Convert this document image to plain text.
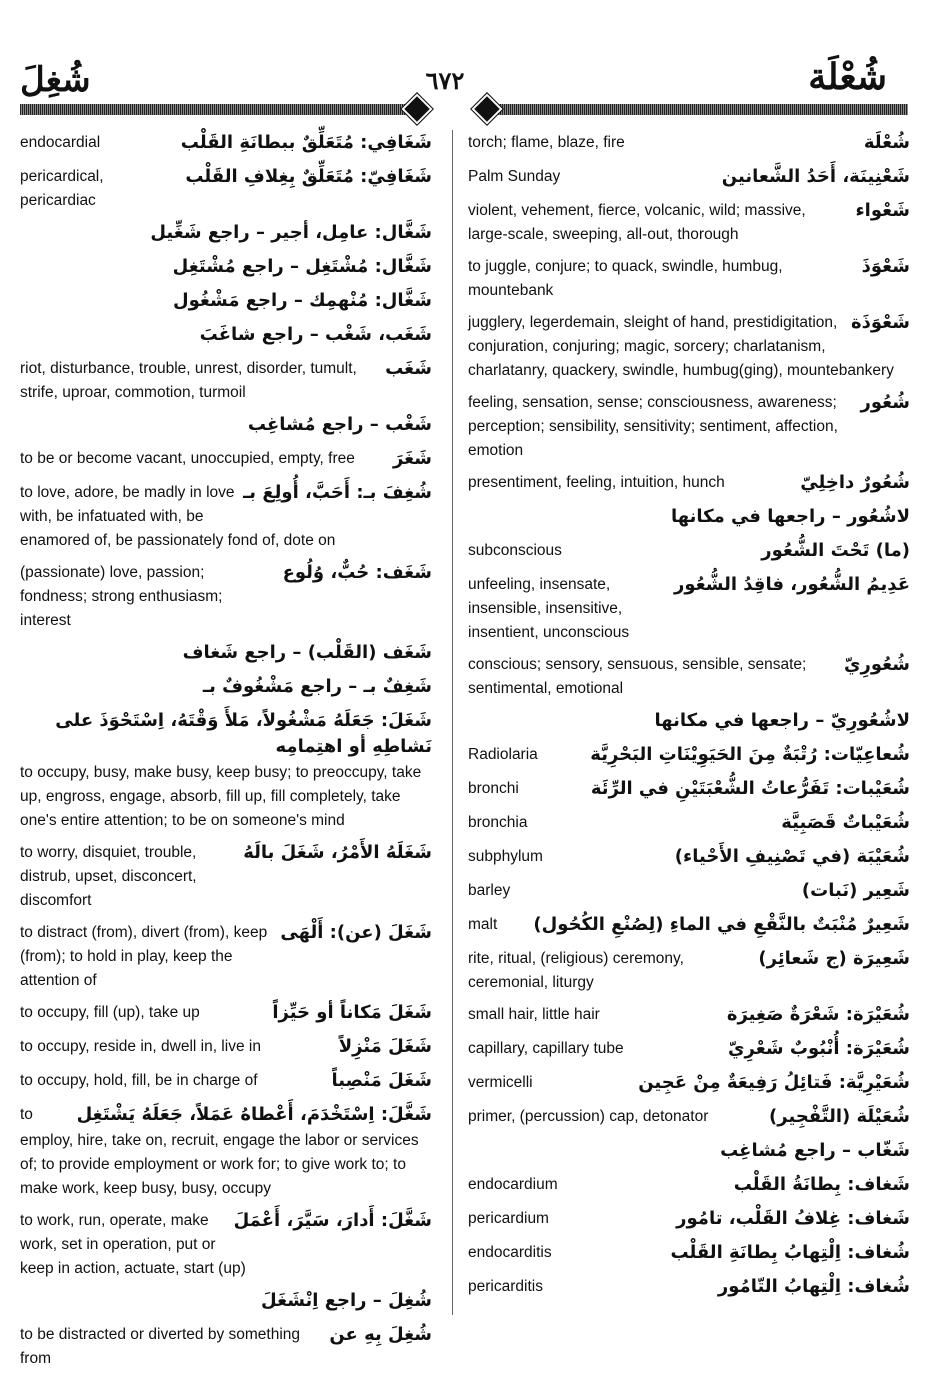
شُغِلَ	٦٧٢	شُعْلَة
شَغَافِي: مُتَعَلِّقٌ ببطانَةِ القَلْب
endocardial
شَغَافِيّ: مُتَعَلِّقٌ بِغِلافِ القَلْب
pericardical, pericardiac
شَغَّال: عامِل، أجير – راجع شَغِّيل
شَغَّال: مُشْتَغِل – راجع مُشْتَغِل
شَغَّال: مُنْهمِك – راجع مَشْغُول
شَغَب، شَغْب – راجع شاغَبَ
شَغَب
riot, disturbance, trouble, unrest, disorder, tumult, strife, uproar, commotion, turmoil
شَغْب – راجع مُشاغِب
شَغَرَ
to be or become vacant, unoccupied, empty, free
شُغِفَ بـ: أَحَبَّ، أُولِعَ بـ
to love, adore, be madly in love with, be infatuated with, be enamored of, be passionately fond of, dote on
شَغَف: حُبٌّ، وُلُوع
(passionate) love, passion; fondness; strong enthusiasm; interest
شَغَف (القَلْب) – راجع شَغاف
شَغِفٌ بـ – راجع مَشْغُوفٌ بـ
شَغَلَ: جَعَلَهُ مَشْغُولاً، مَلأَ وَقْتَهُ، اِسْتَحْوَذَ على نَشاطِهِ أو اهتِمامِه
to occupy, busy, make busy, keep busy; to preoccupy, take up, engross, engage, absorb, fill up, fill completely, take one's entire attention; to be on someone's mind
شَغَلَهُ الأَمْرُ، شَغَلَ بالَهُ
to worry, disquiet, trouble, distrub, upset, disconcert, discomfort
شَغَلَ (عن): أَلْهَى
to distract (from), divert (from), keep (from); to hold in play, keep the attention of
شَغَلَ مَكاناً أو حَيِّزاً
to occupy, fill (up), take up
شَغَلَ مَنْزِلاً
to occupy, reside in, dwell in, live in
شَغَلَ مَنْصِباً
to occupy, hold, fill, be in charge of
شَغَّلَ: اِسْتَخْدَمَ، أَعْطاهُ عَمَلاً، جَعَلَهُ يَشْتَغِل
to employ, hire, take on, recruit, engage the labor or services of; to provide employment or work for; to give work to; to make work, keep busy, busy, occupy
شَغَّلَ: أَدارَ، سَيَّرَ، أَعْمَلَ
to work, run, operate, make work, set in operation, put or keep in action, actuate, start (up)
شُغِلَ – راجع اِنْشَغَلَ
شُغِلَ بِهِ عن
to be distracted or diverted by something from
شُعْلَة
torch; flame, blaze, fire
شَعْنِينَة، أَحَدُ الشَّعانين
Palm Sunday
شَعْواء
violent, vehement, fierce, volcanic, wild; massive, large-scale, sweeping, all-out, thorough
شَعْوَذَ
to juggle, conjure; to quack, swindle, humbug, mountebank
شَعْوَذَة
jugglery, legerdemain, sleight of hand, prestidigitation, conjuration, conjuring; magic, sorcery; charlatanism, charlatanry, quackery, swindle, humbug(ging), mountebankery
شُعُور
feeling, sensation, sense; consciousness, awareness; perception; sensibility, sensitivity; sentiment, affection, emotion
شُعُورٌ داخِلِيّ
presentiment, feeling, intuition, hunch
لاشُعُور – راجعها في مكانها
(ما) تَحْتَ الشُّعُور
subconscious
عَدِيمُ الشُّعُور، فاقِدُ الشُّعُور
unfeeling, insensate, insensible, insensitive, insentient, unconscious
شُعُورِيّ
conscious; sensory, sensuous, sensible, sensate; sentimental, emotional
لاشُعُورِيّ – راجعها في مكانها
شُعاعِيّات: رُتْبَةٌ مِنَ الحَيَوِيْنَاتِ البَحْرِيَّة
Radiolaria
شُعَيْبات: تَفَرُّعاتُ الشُّعْبَتَيْنِ في الرِّئَة
bronchi
شُعَيْباتٌ قَصَبِيَّة
bronchia
شُعَيْبَة (في تَصْنِيفِ الأَحْياء)
subphylum
شَعِير (نَبات)
barley
شَعِيرٌ مُنْبَتٌ بالنَّقْعِ في الماءِ (لِصُنْعِ الكُحُول)
malt
شَعِيرَة (ج شَعائِر)
rite, ritual, (religious) ceremony, ceremonial, liturgy
شُعَيْرَة: شَعْرَةٌ صَغِيرَة
small hair, little hair
شُعَيْرَة: أُنْبُوبٌ شَعْرِيّ
capillary, capillary tube
شُعَيْرِيَّة: فَتائِلُ رَفِيعَةٌ مِنْ عَجِين
vermicelli
شُعَيْلَة (التَّفْجِير)
primer, (percussion) cap, detonator
شَغّاب – راجع مُشاغِب
شَغاف: بِطانَةُ القَلْب
endocardium
شَغاف: غِلافُ القَلْب، تامُور
pericardium
شُغاف: اِلْتِهابُ بِطانَةِ القَلْب
endocarditis
شُغاف: اِلْتِهابُ التّامُور
pericarditis
